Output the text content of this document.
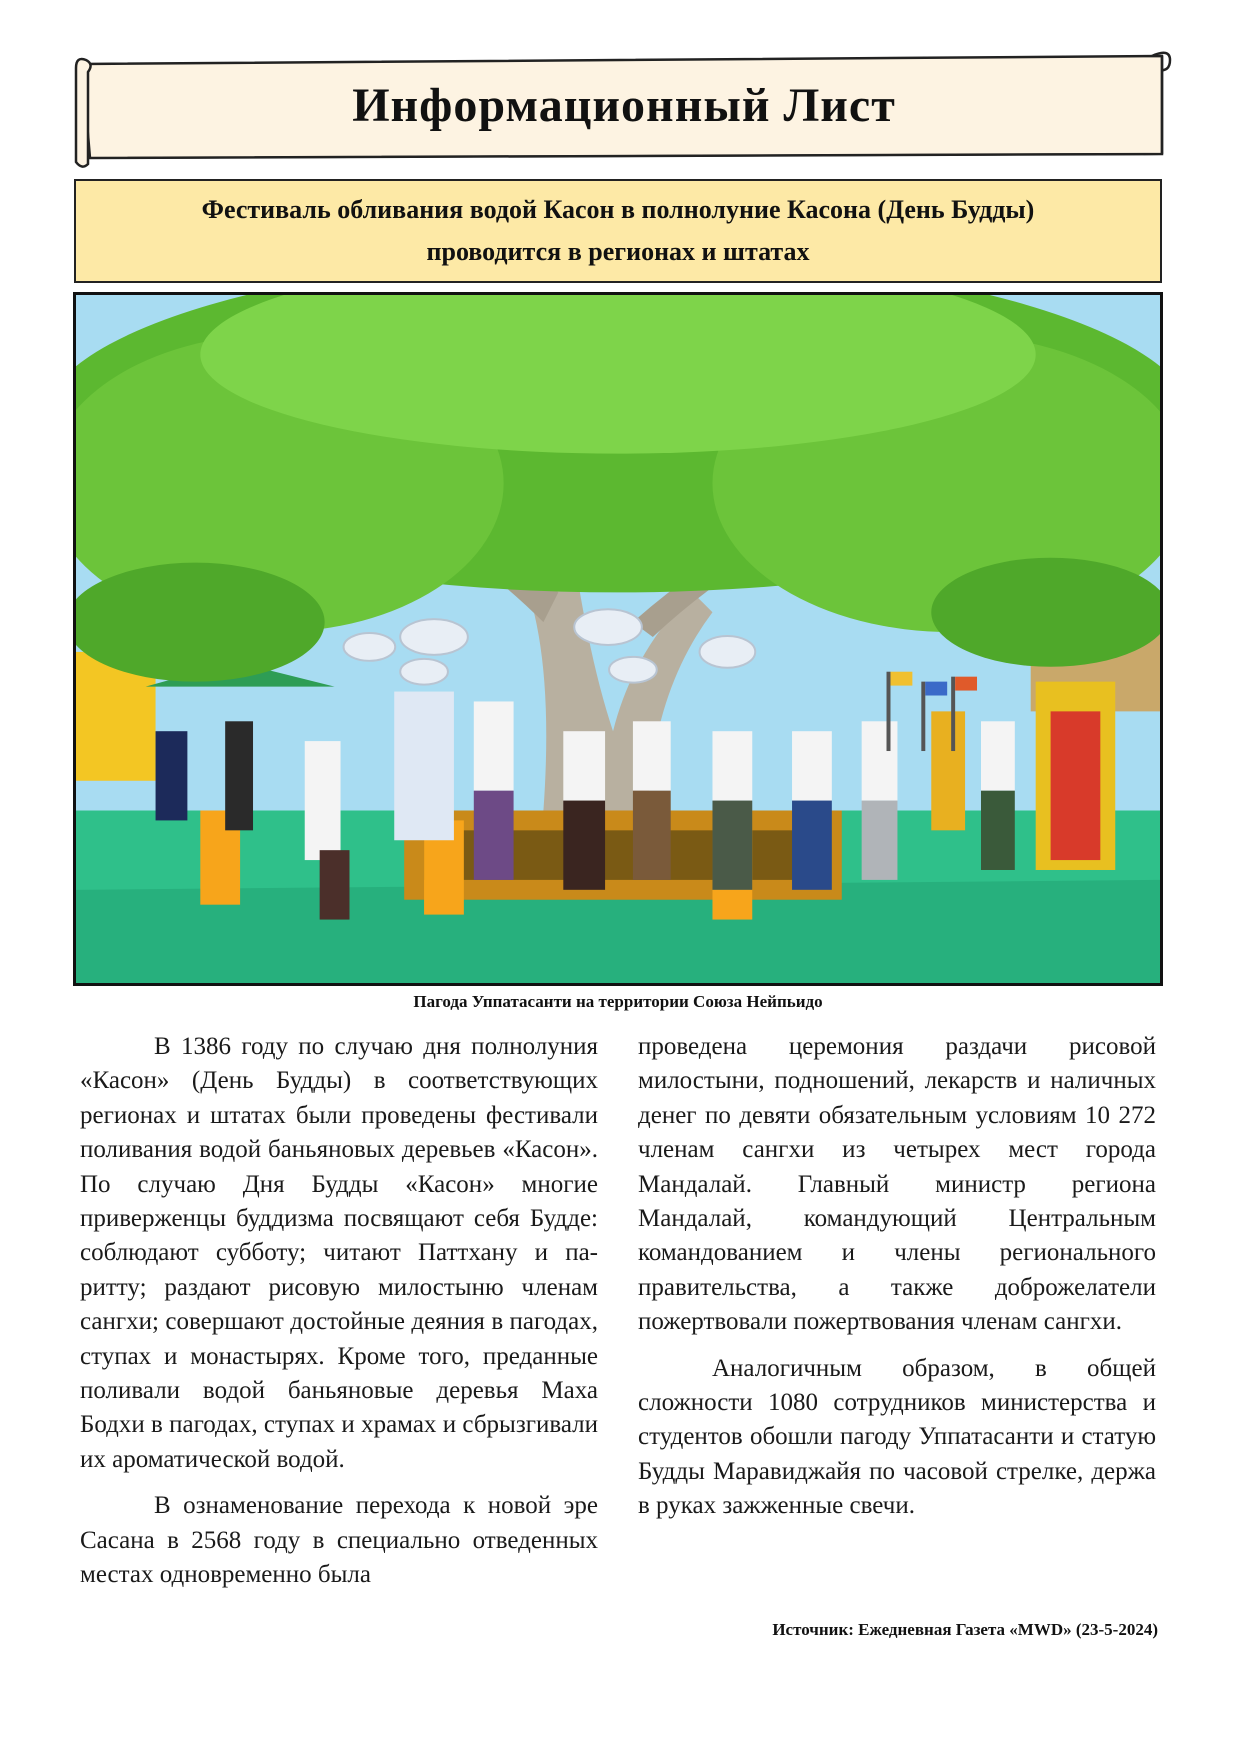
Информационный Лист

Фестиваль обливания водой Касон в полнолуние Касона (День Будды)
проводится в регионах и штатах

Пагода Уппатасанти на территории Союза Нейпьидо

В 1386 году по случаю дня полнолуния «Касон» (День Будды) в соответствующих регионах и штатах были проведены фестивали поливания водой баньяновых деревьев «Касон». По случаю Дня Будды «Касон» многие приверженцы буддизма посвящают себя Будде: соблюдают субботу; читают Паттхану и паритту; раздают рисовую милостыню членам сангхи; совершают достойные деяния в пагодах, ступах и монастырях. Кроме того, преданные поливали водой баньяновые деревья Маха Бодхи в пагодах, ступах и храмах и сбрызгивали их ароматической водой.

В ознаменование перехода к новой эре Сасана в 2568 году в специально отведенных местах одновременно была

проведена церемония раздачи рисовой милостыни, подношений, лекарств и наличных денег по девяти обязательным условиям 10 272 членам сангхи из четырех мест города Мандалай. Главный министр региона Мандалай, командующий Центральным командованием и члены регионального правительства, а также доброжелатели пожертвовали пожертвования членам сангхи.

Аналогичным образом, в общей сложности 1080 сотрудников министерства и студентов обошли пагоду Уппатасанти и статую Будды Маравиджайя по часовой стрелке, держа в руках зажженные свечи.

Источник: Ежедневная Газета «MWD» (23-5-2024)
